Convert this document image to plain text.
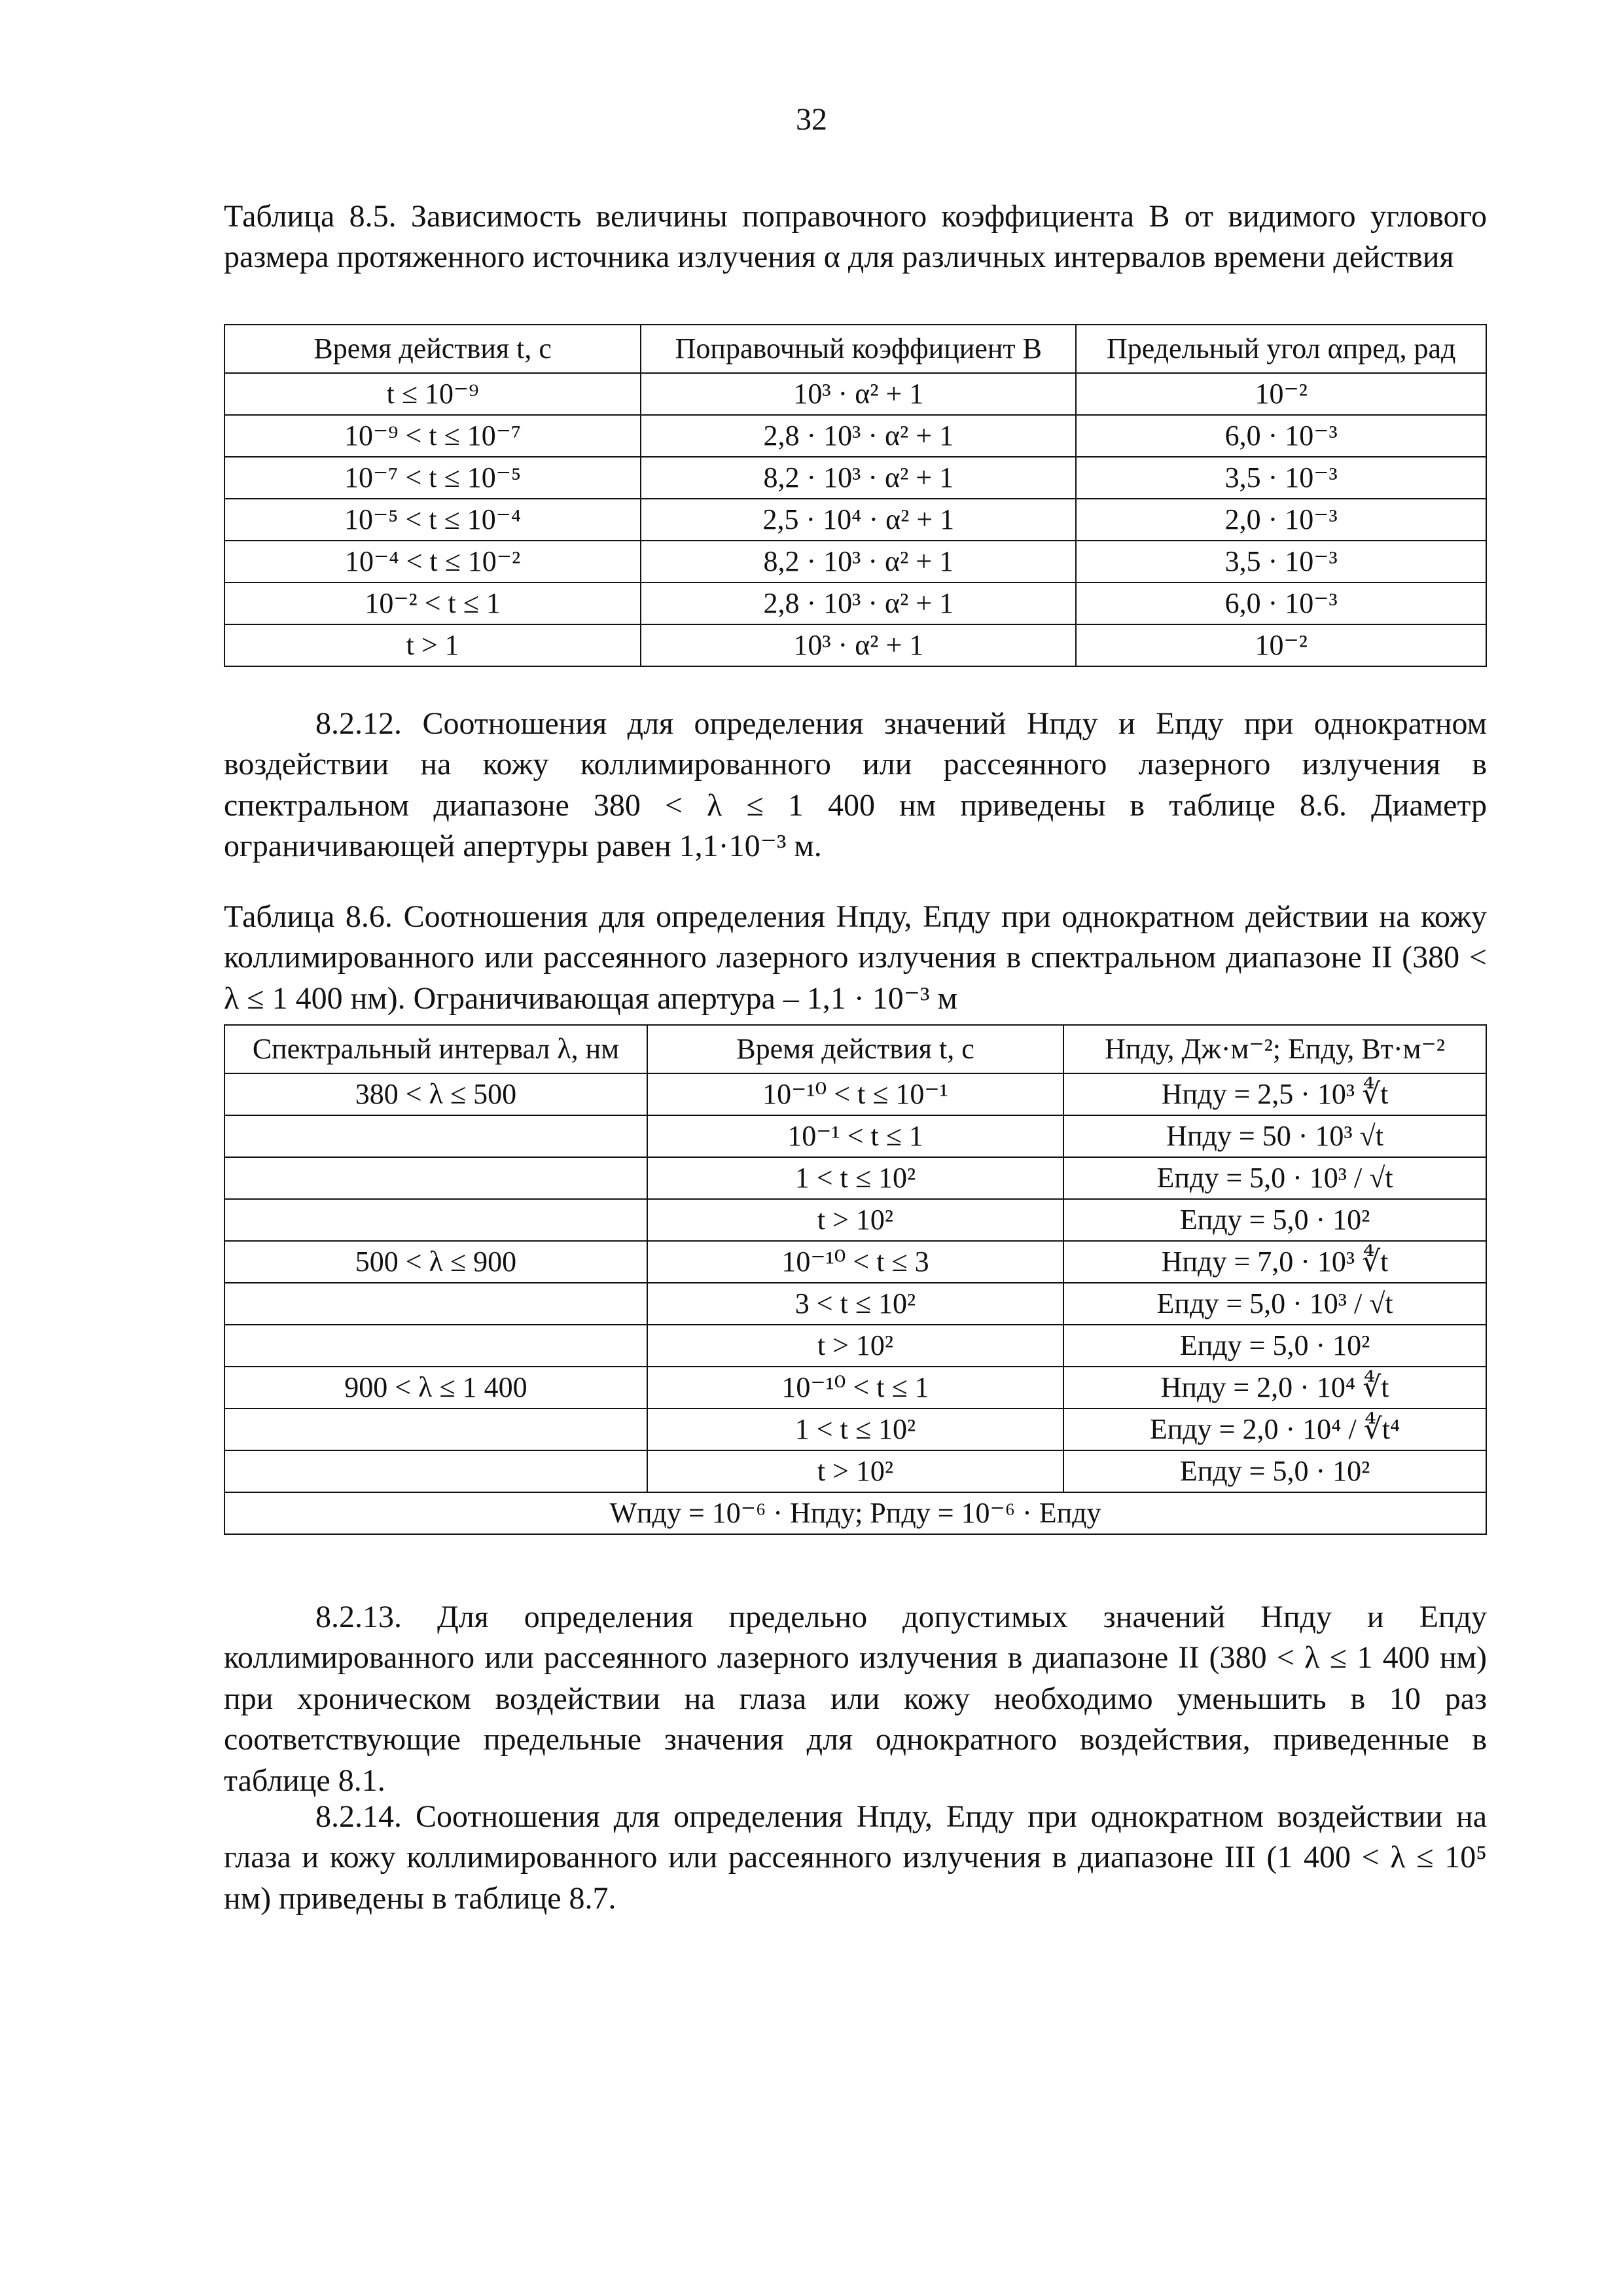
32

Таблица 8.5. Зависимость величины поправочного коэффициента B от видимого углового размера протяженного источника излучения α для различных интервалов времени действия

Время действия t, с	Поправочный коэффициент B	Предельный угол αпред, рад
t ≤ 10⁻⁹	10³ · α² + 1	10⁻²
10⁻⁹ < t ≤ 10⁻⁷	2,8 · 10³ · α² + 1	6,0 · 10⁻³
10⁻⁷ < t ≤ 10⁻⁵	8,2 · 10³ · α² + 1	3,5 · 10⁻³
10⁻⁵ < t ≤ 10⁻⁴	2,5 · 10⁴ · α² + 1	2,0 · 10⁻³
10⁻⁴ < t ≤ 10⁻²	8,2 · 10³ · α² + 1	3,5 · 10⁻³
10⁻² < t ≤ 1	2,8 · 10³ · α² + 1	6,0 · 10⁻³
t > 1	10³ · α² + 1	10⁻²

8.2.12. Соотношения для определения значений Hпду и Eпду при однократном воздействии на кожу коллимированного или рассеянного лазерного излучения в спектральном диапазоне 380 < λ ≤ 1 400 нм приведены в таблице 8.6. Диаметр ограничивающей апертуры равен 1,1·10⁻³ м.

Таблица 8.6. Соотношения для определения Hпду, Eпду при однократном действии на кожу коллимированного или рассеянного лазерного излучения в спектральном диапазоне II (380 < λ ≤ 1 400 нм). Ограничивающая апертура – 1,1 · 10⁻³ м

Спектральный интервал λ, нм	Время действия t, с	Hпду, Дж·м⁻²; Eпду, Вт·м⁻²
380 < λ ≤ 500	10⁻¹⁰ < t ≤ 10⁻¹	Hпду = 2,5 · 10³ ∜t
	10⁻¹ < t ≤ 1	Hпду = 50 · 10³ √t
	1 < t ≤ 10²	Eпду = 5,0 · 10³ / √t
	t > 10²	Eпду = 5,0 · 10²
500 < λ ≤ 900	10⁻¹⁰ < t ≤ 3	Hпду = 7,0 · 10³ ∜t
	3 < t ≤ 10²	Eпду = 5,0 · 10³ / √t
	t > 10²	Eпду = 5,0 · 10²
900 < λ ≤ 1 400	10⁻¹⁰ < t ≤ 1	Hпду = 2,0 · 10⁴ ∜t
	1 < t ≤ 10²	Eпду = 2,0 · 10⁴ / ∜t⁴
	t > 10²	Eпду = 5,0 · 10²
Wпду = 10⁻⁶ · Hпду; Pпду = 10⁻⁶ · Eпду		

8.2.13. Для определения предельно допустимых значений Hпду и Eпду коллимированного или рассеянного лазерного излучения в диапазоне II (380 < λ ≤ 1 400 нм) при хроническом воздействии на глаза или кожу необходимо уменьшить в 10 раз соответствующие предельные значения для однократного воздействия, приведенные в таблице 8.1.

8.2.14. Соотношения для определения Hпду, Eпду при однократном воздействии на глаза и кожу коллимированного или рассеянного излучения в диапазоне III (1 400 < λ ≤ 10⁵ нм) приведены в таблице 8.7.
